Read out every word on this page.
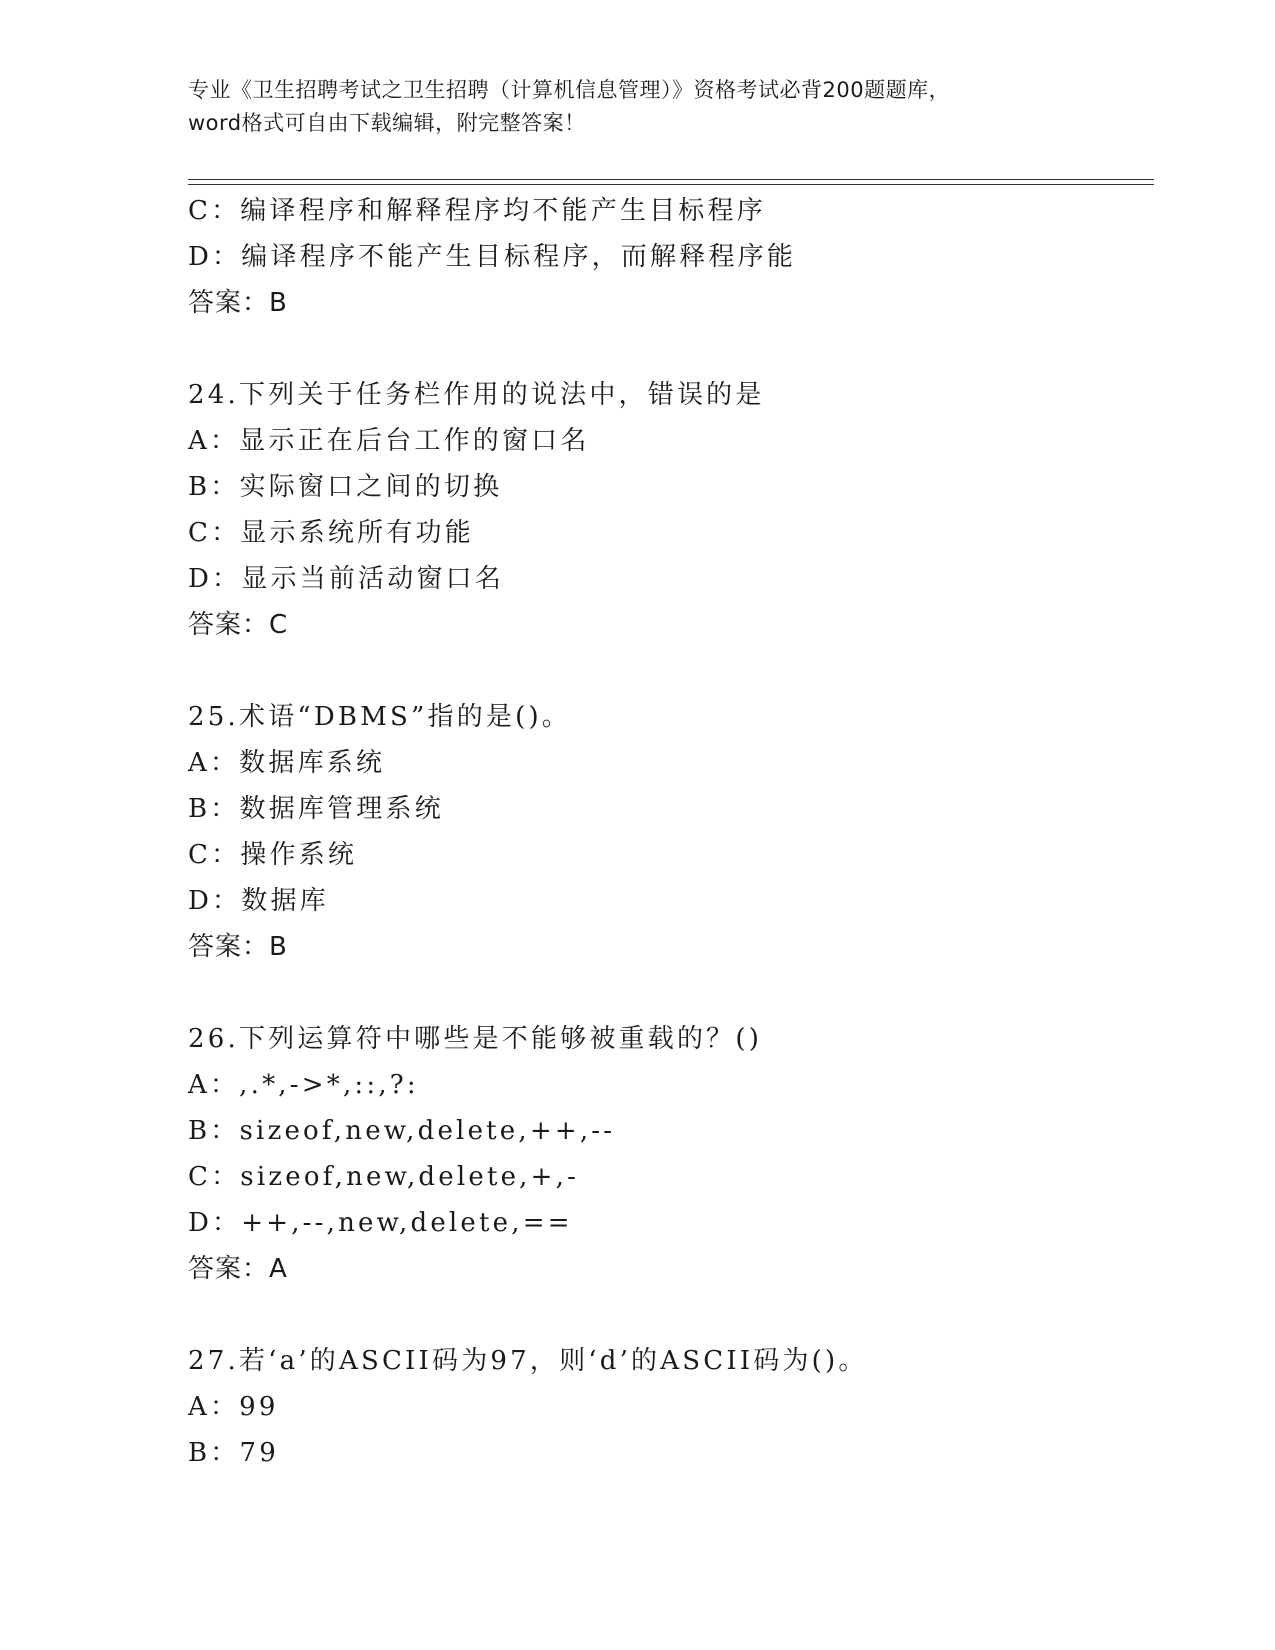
专业《卫生招聘考试之卫生招聘（计算机信息管理）》资格考试必背200题题库，
word格式可自由下载编辑，附完整答案！
C：编译程序和解释程序均不能产生目标程序
D：编译程序不能产生目标程序，而解释程序能
答案：B
24.下列关于任务栏作用的说法中，错误的是
A：显示正在后台工作的窗口名
B：实际窗口之间的切换
C：显示系统所有功能
D：显示当前活动窗口名
答案：C
25.术语“DBMS”指的是()。
A：数据库系统
B：数据库管理系统
C：操作系统
D：数据库
答案：B
26.下列运算符中哪些是不能够被重载的？()
A：,.*,->*,::,?:
B：sizeof,new,delete,++,--
C：sizeof,new,delete,+,-
D：++,--,new,delete,==
答案：A
27.若‘a’的ASCII码为97，则‘d’的ASCII码为()。
A：99
B：79
